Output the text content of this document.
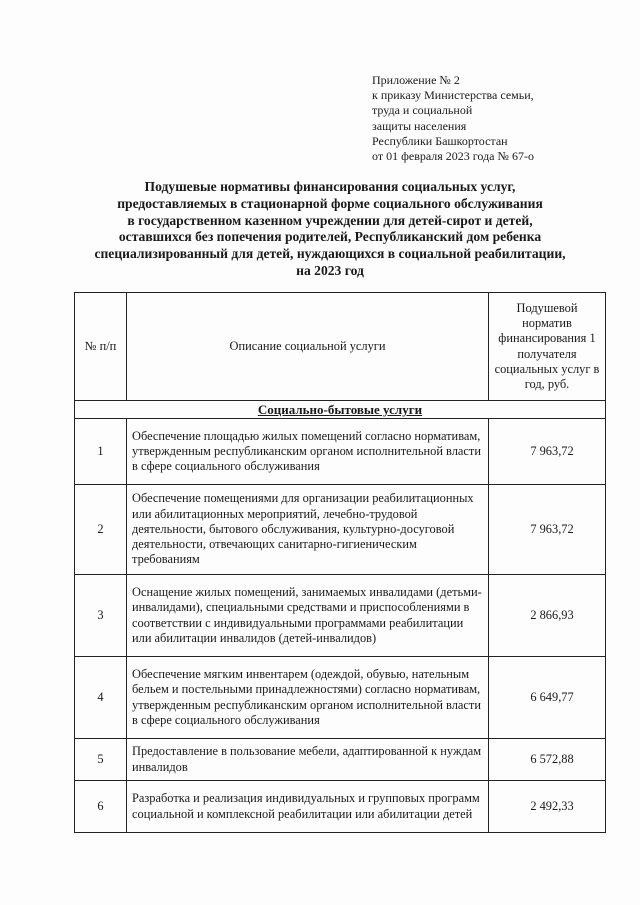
Приложение № 2
к приказу Министерства семьи,
труда и социальной
защиты населения
Республики Башкортостан
от 01 февраля 2023 года № 67-о
Подушевые нормативы финансирования социальных услуг,
предоставляемых в стационарной форме социального обслуживания
в государственном казенном учреждении для детей-сирот и детей,
оставшихся без попечения родителей, Республиканский дом ребенка
специализированный для детей, нуждающихся в социальной реабилитации,
на 2023 год
№ п/п	Описание социальной услуги	Подушевой норматив финансирования 1 получателя социальных услуг в год, руб.
Социально-бытовые услуги		
1	Обеспечение площадью жилых помещений согласно нормативам, утвержденным республиканским органом исполнительной власти в сфере социального обслуживания	7 963,72
2	Обеспечение помещениями для организации реабилитационных или абилитационных мероприятий, лечебно-трудовой деятельности, бытового обслуживания, культурно-досуговой деятельности, отвечающих санитарно-гигиеническим требованиям	7 963,72
3	Оснащение жилых помещений, занимаемых инвалидами (детьми-инвалидами), специальными средствами и приспособлениями в соответствии с индивидуальными программами реабилитации или абилитации инвалидов (детей-инвалидов)	2 866,93
4	Обеспечение мягким инвентарем (одеждой, обувью, нательным бельем и постельными принадлежностями) согласно нормативам, утвержденным республиканским органом исполнительной власти в сфере социального обслуживания	6 649,77
5	Предоставление в пользование мебели, адаптированной к нуждам инвалидов	6 572,88
6	Разработка и реализация индивидуальных и групповых программ социальной и комплексной реабилитации или абилитации детей	2 492,33
